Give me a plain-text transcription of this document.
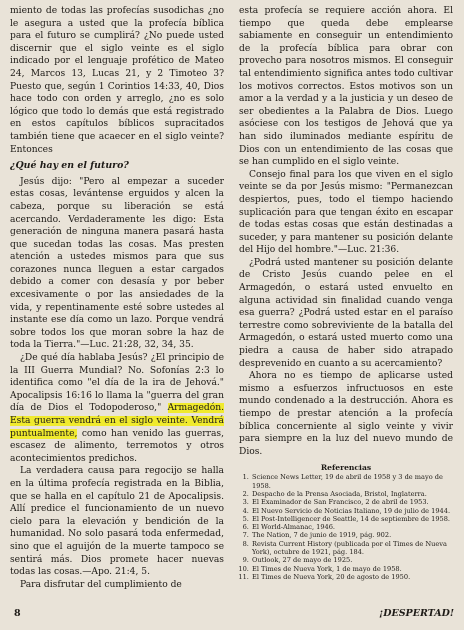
miento de todas las profecías susodichas ¿no le asegura a usted que la profecía bíblica para el futuro se cumplirá? ¿No puede usted discernir que el siglo veinte es el siglo indicado por el lenguaje profético de Mateo 24, Marcos 13, Lucas 21, y 2 Timoteo 3? Puesto que, según 1 Corintios 14:33, 40, Dios hace todo con orden y arreglo, ¿no es solo lógico que todo lo demás que está registrado en estos capítulos bíblicos supracitados también tiene que acaecer en el siglo veinte? Entonces

¿Qué hay en el futuro?

Jesús dijo: "Pero al empezar a suceder estas cosas, levántense erguidos y alcen la cabeza, porque su liberación se está acercando. Verdaderamente les digo: Esta generación de ninguna manera pasará hasta que sucedan todas las cosas. Mas presten atención a ustedes mismos para que sus corazones nunca lleguen a estar cargados debido a comer con desasía y por beber excesivamente o por las ansiedades de la vida, y repentinamente esté sobre ustedes al instante ese día como un lazo. Porque vendrá sobre todos los que moran sobre la haz de toda la Tierra."—Luc. 21:28, 32, 34, 35.

¿De qué día hablaba Jesús? ¿El principio de la III Guerra Mundial? No. Sofonías 2:3 lo identifica como "el día de la ira de Jehová." Apocalipsis 16:16 lo llama la "guerra del gran día de Dios el Todopoderoso," Armagedón. Esta guerra vendrá en el siglo veinte. Vendrá puntualmente, como han venido las guerras, escasez de alimento, terremotos y otros acontecimientos predichos.

La verdadera causa para regocijo se halla en la última profecía registrada en la Biblia, que se halla en el capítulo 21 de Apocalipsis. Allí predice el funcionamiento de un nuevo cielo para la elevación y bendición de la humanidad. No solo pasará toda enfermedad, sino que el aguijón de la muerte tampoco se sentirá más. Dios promete hacer nuevas todas las cosas.—Apo. 21:4, 5.

Para disfrutar del cumplimiento de

esta profecía se requiere acción ahora. El tiempo que queda debe emplearse sabiamente en conseguir un entendimiento de la profecía bíblica para obrar con provecho para nosotros mismos. El conseguir tal entendimiento significa antes todo cultivar los motivos correctos. Estos motivos son un amor a la verdad y a la justicia y un deseo de ser obedientes a la Palabra de Dios. Luego asóciese con los testigos de Jehová que ya han sido iluminados mediante espíritu de Dios con un entendimiento de las cosas que se han cumplido en el siglo veinte.

Consejo final para los que viven en el siglo veinte se da por Jesús mismo: "Permanezcan despiertos, pues, todo el tiempo haciendo suplicación para que tengan éxito en escapar de todas estas cosas que están destinadas a suceder, y para mantener su posición delante del Hijo del hombre."—Luc. 21:36.

¿Podrá usted mantener su posición delante de Cristo Jesús cuando pelee en el Armagedón, o estará usted envuelto en alguna actividad sin finalidad cuando venga esa guerra? ¿Podrá usted estar en el paraíso terrestre como sobreviviente de la batalla del Armagedón, o estará usted muerto como una piedra a causa de haber sido atrapado desprevenido en cuanto a su acercamiento?

Ahora no es tiempo de aplicarse usted mismo a esfuerzos infructuosos en este mundo condenado a la destrucción. Ahora es tiempo de prestar atención a la profecía bíblica concerniente al siglo veinte y vivir para siempre en la luz del nuevo mundo de Dios.

Referencias
1. Science News Letter, 19 de abril de 1958 y 3 de mayo de 1958.
2. Despacho de la Prensa Asociada, Bristol, Inglaterra.
3. El Examinador de San Francisco, 2 de abril de 1953.
4. El Nuevo Servicio de Noticias Italiano, 19 de julio de 1944.
5. El Post-Intelligencer de Seattle, 14 de septiembre de 1958.
6. El World-Almanac, 1946.
7. The Nation, 7 de junio de 1919, pág. 902.
8. Revista Current History (publicada por el Times de Nueva York), octubre de 1921, pág. 184.
9. Outlook, 27 de mayo de 1925.
10. El Times de Nueva York, 1 de mayo de 1958.
11. El Times de Nueva York, 20 de agosto de 1950.
8	¡DESPERTAD!
